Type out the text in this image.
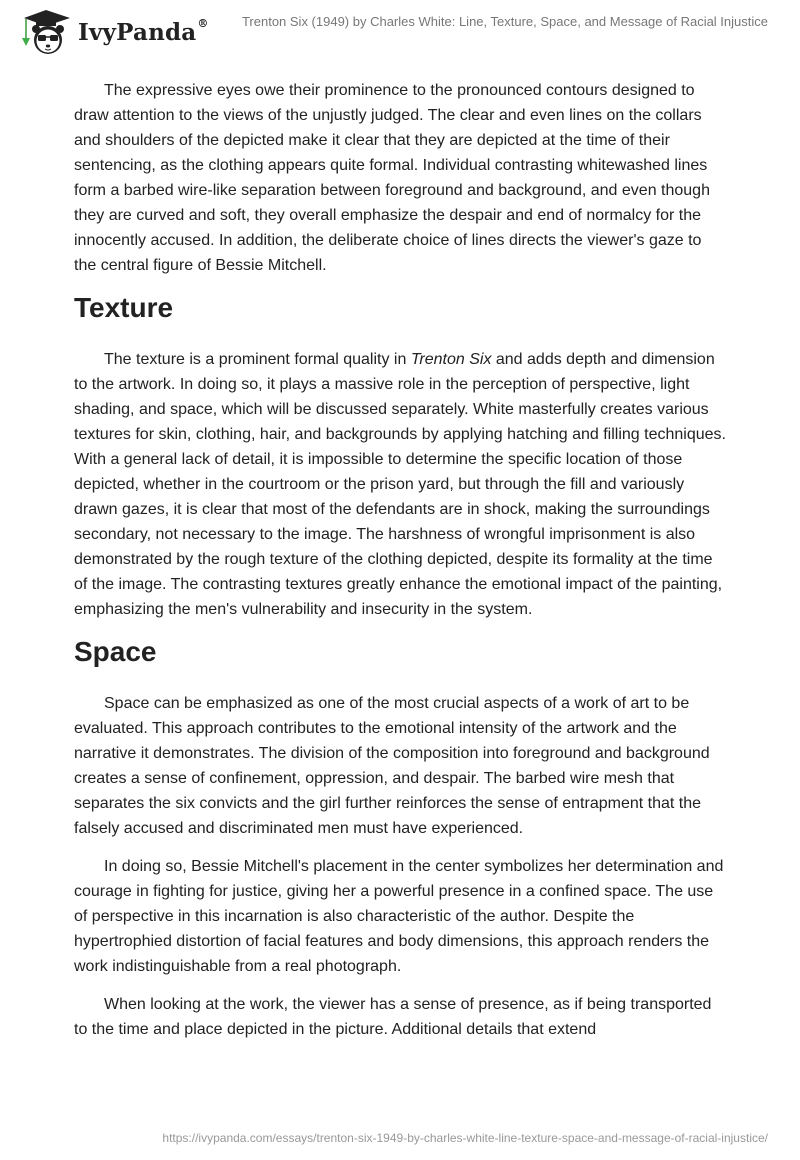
IvyPanda®	Trenton Six (1949) by Charles White: Line, Texture, Space, and Message of Racial Injustice

The expressive eyes owe their prominence to the pronounced contours designed to draw attention to the views of the unjustly judged. The clear and even lines on the collars and shoulders of the depicted make it clear that they are depicted at the time of their sentencing, as the clothing appears quite formal. Individual contrasting whitewashed lines form a barbed wire-like separation between foreground and background, and even though they are curved and soft, they overall emphasize the despair and end of normalcy for the innocently accused. In addition, the deliberate choice of lines directs the viewer's gaze to the central figure of Bessie Mitchell.

Texture

The texture is a prominent formal quality in Trenton Six and adds depth and dimension to the artwork. In doing so, it plays a massive role in the perception of perspective, light shading, and space, which will be discussed separately. White masterfully creates various textures for skin, clothing, hair, and backgrounds by applying hatching and filling techniques. With a general lack of detail, it is impossible to determine the specific location of those depicted, whether in the courtroom or the prison yard, but through the fill and variously drawn gazes, it is clear that most of the defendants are in shock, making the surroundings secondary, not necessary to the image. The harshness of wrongful imprisonment is also demonstrated by the rough texture of the clothing depicted, despite its formality at the time of the image. The contrasting textures greatly enhance the emotional impact of the painting, emphasizing the men's vulnerability and insecurity in the system.

Space

Space can be emphasized as one of the most crucial aspects of a work of art to be evaluated. This approach contributes to the emotional intensity of the artwork and the narrative it demonstrates. The division of the composition into foreground and background creates a sense of confinement, oppression, and despair. The barbed wire mesh that separates the six convicts and the girl further reinforces the sense of entrapment that the falsely accused and discriminated men must have experienced.

In doing so, Bessie Mitchell's placement in the center symbolizes her determination and courage in fighting for justice, giving her a powerful presence in a confined space. The use of perspective in this incarnation is also characteristic of the author. Despite the hypertrophied distortion of facial features and body dimensions, this approach renders the work indistinguishable from a real photograph.

When looking at the work, the viewer has a sense of presence, as if being transported to the time and place depicted in the picture. Additional details that extend

https://ivypanda.com/essays/trenton-six-1949-by-charles-white-line-texture-space-and-message-of-racial-injustice/
